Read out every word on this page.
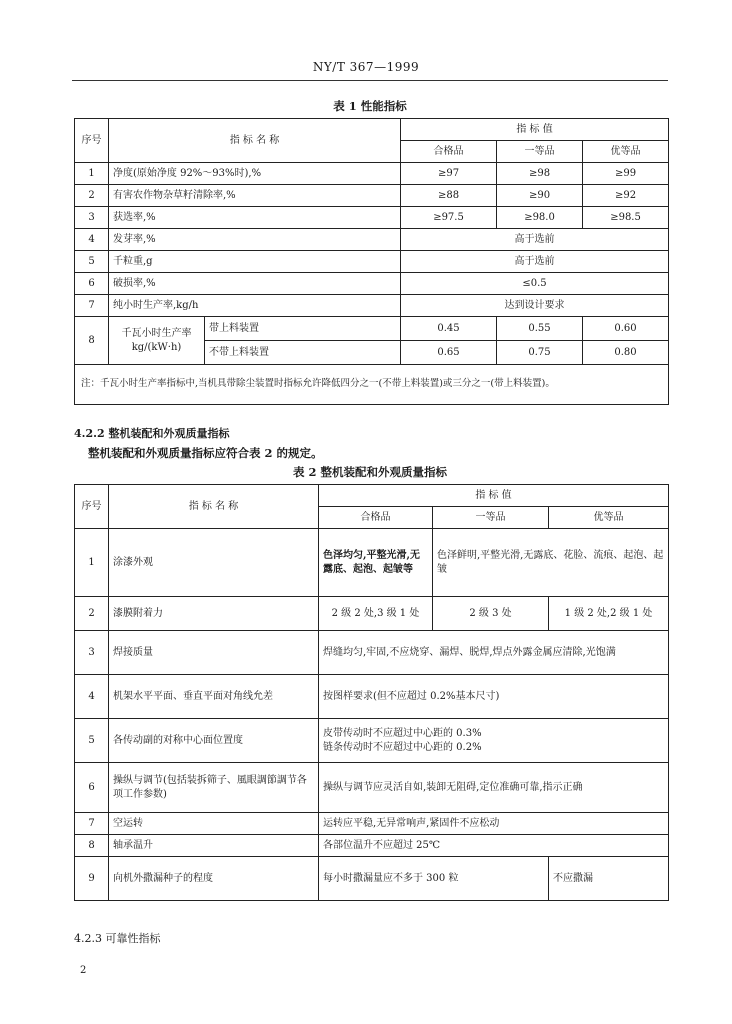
NY/T 367—1999
表 1 性能指标
序号	指 标 名 称		指 标 值		
			合格品	一等品	优等品
1	净度(原始净度 92%～93%时),%		≥97	≥98	≥99
2	有害农作物杂草籽清除率,%		≥88	≥90	≥92
3	获选率,%		≥97.5	≥98.0	≥98.5
4	发芽率,%		高于选前		
5	千粒重,g		高于选前		
6	破损率,%		≤0.5		
7	纯小时生产率,kg/h		达到设计要求		
8	千瓦小时生产率
kg/(kW·h)	带上料装置	0.45	0.55	0.60
		不带上料装置	0.65	0.75	0.80
注：千瓦小时生产率指标中,当机具带除尘装置时指标允许降低四分之一(不带上料装置)或三分之一(带上料装置)。					
4.2.2 整机装配和外观质量指标
整机装配和外观质量指标应符合表 2 的规定。
表 2 整机装配和外观质量指标
序号	指 标 名 称	指 标 值		
		合格品	一等品	优等品
1	涂漆外观	色泽均匀,平整光滑,无露底、起泡、起皱等	色泽鲜明,平整光滑,无露底、花脸、流痕、起泡、起皱	
2	漆膜附着力	2 级 2 处,3 级 1 处	2 级 3 处	1 级 2 处,2 级 1 处
3	焊接质量	焊缝均匀,牢固,不应烧穿、漏焊、脱焊,焊点外露金属应清除,光饱满		
4	机架水平平面、垂直平面对角线允差	按图样要求(但不应超过 0.2%基本尺寸)		
5	各传动副的对称中心面位置度	皮带传动时不应超过中心距的 0.3%
链条传动时不应超过中心距的 0.2%		
6	操纵与调节(包括装拆筛子、風眼調節調节各项工作参数)	操纵与调节应灵活自如,装卸无阻碍,定位准确可靠,指示正确		
7	空运转	运转应平稳,无异常响声,紧固件不应松动		
8	轴承温升	各部位温升不应超过 25℃		
9	向机外撒漏种子的程度	每小时撒漏量应不多于 300 粒		不应撒漏
4.2.3 可靠性指标
2
